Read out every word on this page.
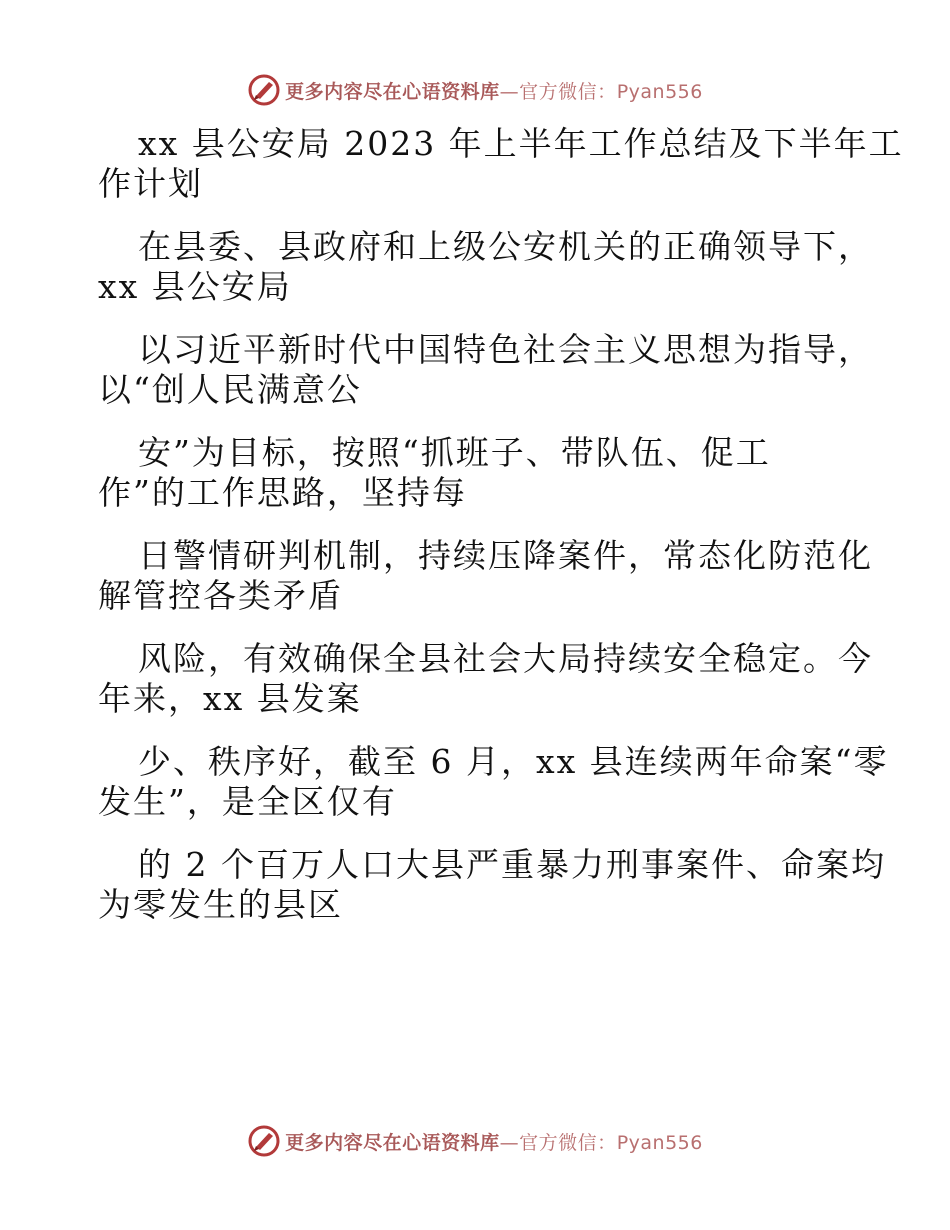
更多内容尽在心语资料库—官方微信：Pyan556
xx 县公安局 2023 年上半年工作总结及下半年工
作计划
在县委、县政府和上级公安机关的正确领导下，
xx 县公安局
以习近平新时代中国特色社会主义思想为指导，
以“创人民满意公
安”为目标，按照“抓班子、带队伍、促工
作”的工作思路，坚持每
日警情研判机制，持续压降案件，常态化防范化
解管控各类矛盾
风险，有效确保全县社会大局持续安全稳定。今
年来，xx 县发案
少、秩序好，截至 6 月，xx 县连续两年命案“零
发生”，是全区仅有
的 2 个百万人口大县严重暴力刑事案件、命案均
为零发生的县区
更多内容尽在心语资料库—官方微信：Pyan556
